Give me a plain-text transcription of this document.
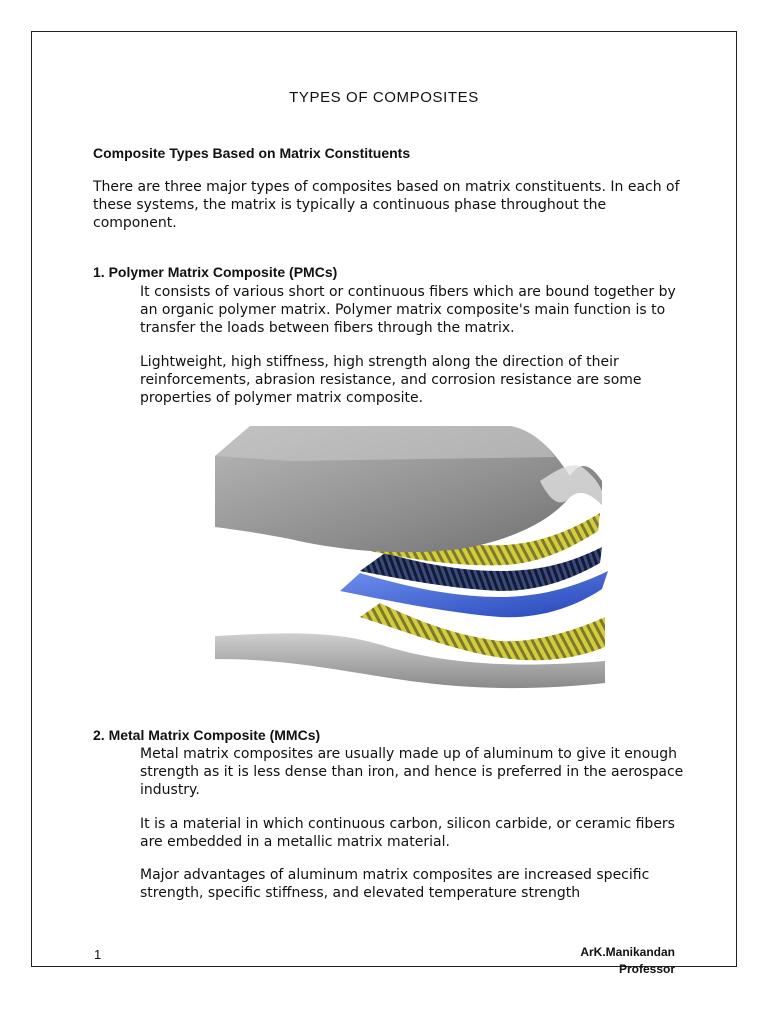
TYPES OF COMPOSITES
Composite Types Based on Matrix Constituents

There are three major types of composites based on matrix constituents. In each of these systems, the matrix is typically a continuous phase throughout the component.

1. Polymer Matrix Composite (PMCs)

It consists of various short or continuous fibers which are bound together by an organic polymer matrix. Polymer matrix composite's main function is to transfer the loads between fibers through the matrix.

Lightweight, high stiffness, high strength along the direction of their reinforcements, abrasion resistance, and corrosion resistance are some properties of polymer matrix composite.

2. Metal Matrix Composite (MMCs)

Metal matrix composites are usually made up of aluminum to give it enough strength as it is less dense than iron, and hence is preferred in the aerospace industry.

It is a material in which continuous carbon, silicon carbide, or ceramic fibers are embedded in a metallic matrix material.

Major advantages of aluminum matrix composites are increased specific strength, specific stiffness, and elevated temperature strength

1	ArK.Manikandan
Professor
